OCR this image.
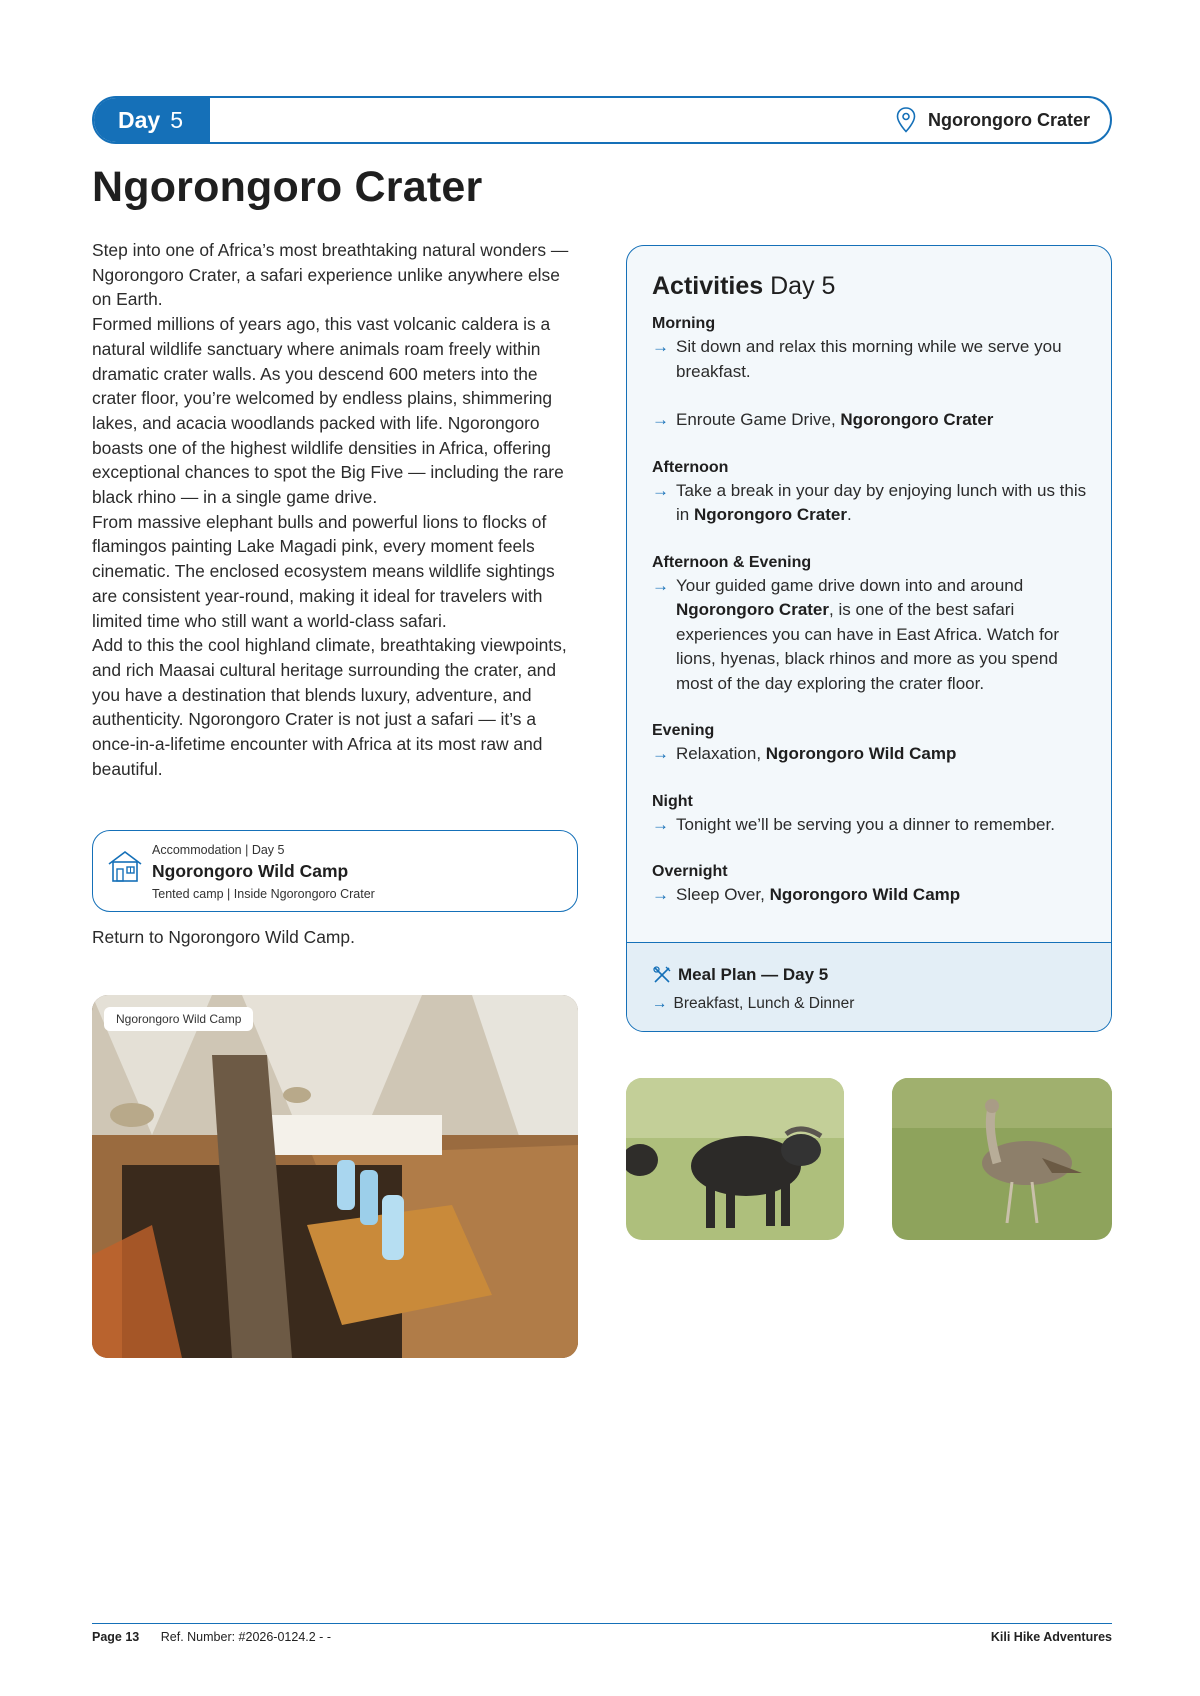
Day 5	Ngorongoro Crater
Ngorongoro Crater

Step into one of Africa’s most breathtaking natural wonders — Ngorongoro Crater, a safari experience unlike anywhere else on Earth.

Formed millions of years ago, this vast volcanic caldera is a natural wildlife sanctuary where animals roam freely within dramatic crater walls. As you descend 600 meters into the crater floor, you’re welcomed by endless plains, shimmering lakes, and acacia woodlands packed with life. Ngorongoro boasts one of the highest wildlife densities in Africa, offering exceptional chances to spot the Big Five — including the rare black rhino — in a single game drive.

From massive elephant bulls and powerful lions to flocks of flamingos painting Lake Magadi pink, every moment feels cinematic. The enclosed ecosystem means wildlife sightings are consistent year-round, making it ideal for travelers with limited time who still want a world-class safari.

Add to this the cool highland climate, breathtaking viewpoints, and rich Maasai cultural heritage surrounding the crater, and you have a destination that blends luxury, adventure, and authenticity. Ngorongoro Crater is not just a safari — it’s a once-in-a-lifetime encounter with Africa at its most raw and beautiful.

Accommodation | Day 5
Ngorongoro Wild Camp
Tented camp | Inside Ngorongoro Crater
Return to Ngorongoro Wild Camp.
Ngorongoro Wild Camp
Activities Day 5
Morning
→ Sit down and relax this morning while we serve you breakfast.
→ Enroute Game Drive, Ngorongoro Crater
Afternoon
→ Take a break in your day by enjoying lunch with us this in Ngorongoro Crater.
Afternoon & Evening
→ Your guided game drive down into and around Ngorongoro Crater, is one of the best safari experiences you can have in East Africa. Watch for lions, hyenas, black rhinos and more as you spend most of the day exploring the crater floor.
Evening
→ Relaxation, Ngorongoro Wild Camp
Night
→ Tonight we’ll be serving you a dinner to remember.
Overnight
→ Sleep Over, Ngorongoro Wild Camp
Meal Plan — Day 5
→ Breakfast, Lunch & Dinner
Page 13 Ref. Number: #2026-0124.2 - -	Kili Hike Adventures
